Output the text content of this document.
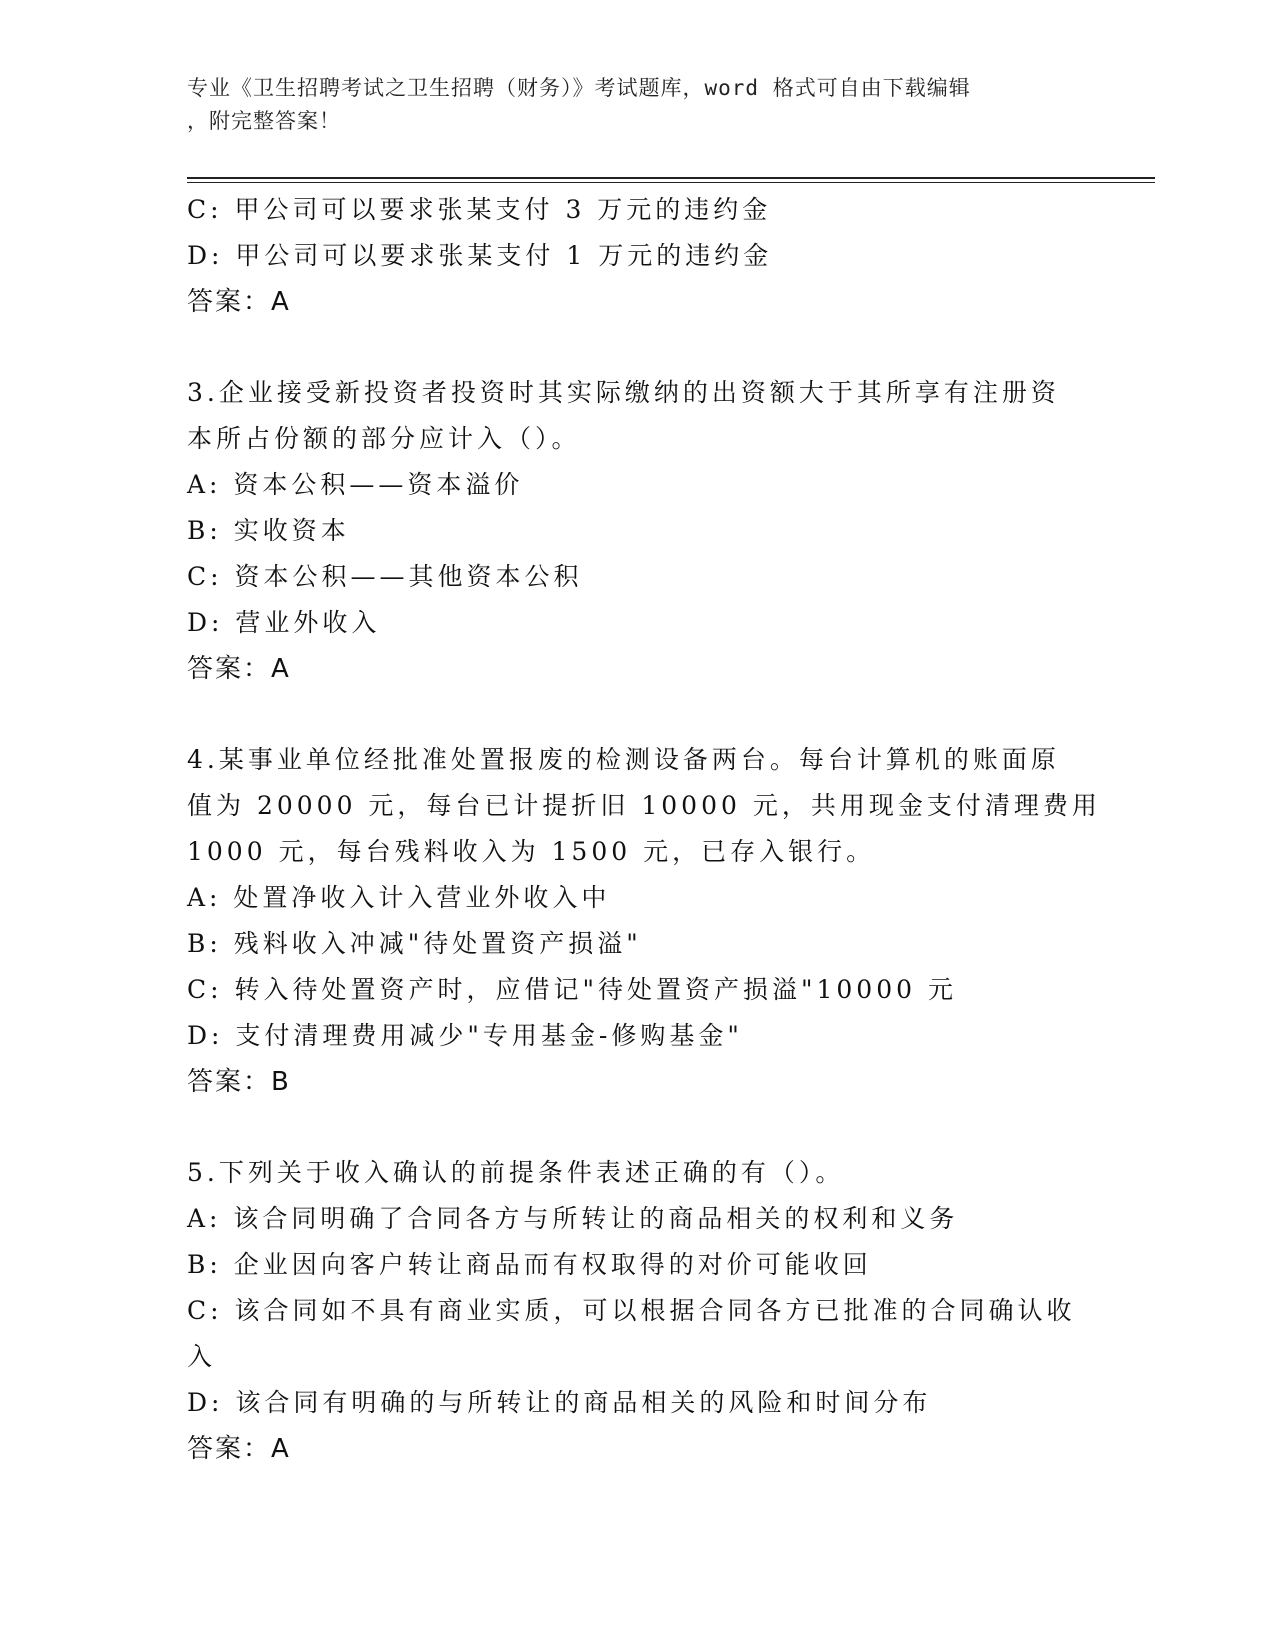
专业《卫生招聘考试之卫生招聘（财务）》考试题库，word 格式可自由下载编辑
，附完整答案！
C: 甲公司可以要求张某支付 3 万元的违约金
D: 甲公司可以要求张某支付 1 万元的违约金
答案：A
3.企业接受新投资者投资时其实际缴纳的出资额大于其所享有注册资
本所占份额的部分应计入（）。
A: 资本公积——资本溢价
B: 实收资本
C: 资本公积——其他资本公积
D: 营业外收入
答案：A
4.某事业单位经批准处置报废的检测设备两台。每台计算机的账面原
值为 20000 元，每台已计提折旧 10000 元，共用现金支付清理费用
1000 元，每台残料收入为 1500 元，已存入银行。
A: 处置净收入计入营业外收入中
B: 残料收入冲减"待处置资产损溢"
C: 转入待处置资产时，应借记"待处置资产损溢"10000 元
D: 支付清理费用减少"专用基金-修购基金"
答案：B
5.下列关于收入确认的前提条件表述正确的有（）。
A: 该合同明确了合同各方与所转让的商品相关的权利和义务
B: 企业因向客户转让商品而有权取得的对价可能收回
C: 该合同如不具有商业实质，可以根据合同各方已批准的合同确认收
入
D: 该合同有明确的与所转让的商品相关的风险和时间分布
答案：A
